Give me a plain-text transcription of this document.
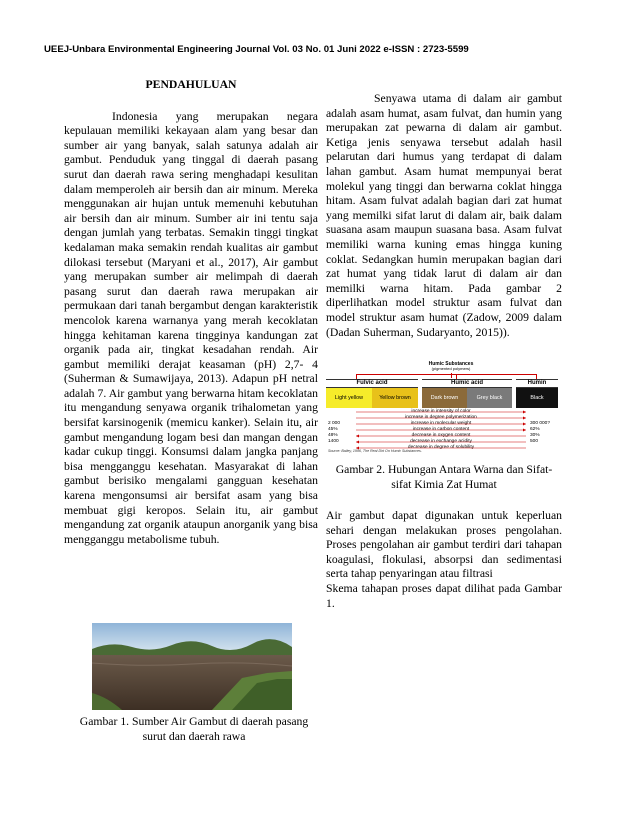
UEEJ-Unbara Environmental Engineering Journal Vol. 03 No. 01 Juni 2022 e-ISSN : 2723-5599

PENDAHULUAN

Indonesia yang merupakan negara kepulauan memiliki kekayaan alam yang besar dan sumber air yang banyak, salah satunya adalah air gambut. Penduduk yang tinggal di daerah pasang surut dan daerah rawa sering menghadapi kesulitan dalam memperoleh air bersih dan air minum. Mereka menggunakan air hujan untuk memenuhi kebutuhan air bersih dan air minum. Sumber air ini tentu saja dengan jumlah yang terbatas. Semakin tinggi tingkat kedalaman maka semakin rendah kualitas air gambut dilokasi tersebut (Maryani et al., 2017), Air gambut yang merupakan sumber air melimpah di daerah pasang surut dan daerah rawa merupakan air permukaan dari tanah bergambut dengan karakteristik mencolok karena warnanya yang merah kecoklatan hingga kehitaman karena tingginya kandungan zat organik pada air, tingkat kesadahan rendah. Air gambut memiliki derajat keasaman (pH) 2,7- 4 (Suherman & Sumawijaya, 2013). Adapun pH netral adalah 7. Air gambut yang berwarna hitam kecoklatan itu mengandung senyawa organik trihalometan yang bersifat karsinogenik (memicu kanker). Selain itu, air gambut mengandung logam besi dan mangan dengan kadar cukup tinggi. Konsumsi dalam jangka panjang bisa mengganggu kesehatan. Masyarakat di lahan gambut berisiko mengalami gangguan kesehatan karena mengonsumsi air bersifat asam yang bisa membuat gigi keropos. Selain itu, air gambut mengandung zat organik ataupun anorganik yang bisa mengganggu metabolisme tubuh.

Gambar 1. Sumber Air Gambut di daerah pasang surut dan daerah rawa

Senyawa utama di dalam air gambut adalah asam humat, asam fulvat, dan humin yang merupakan zat pewarna di dalam air gambut. Ketiga jenis senyawa tersebut adalah hasil pelarutan dari humus yang terdapat di dalam lahan gambut. Asam humat mempunyai berat molekul yang tinggi dan berwarna coklat hingga hitam. Asam fulvat adalah bagian dari zat humat yang memilki sifat larut di dalam air, baik dalam suasana asam maupun suasana basa. Asam fulvat memiliki warna kuning emas hingga kuning coklat. Sedangkan humin merupakan bagian dari zat humat yang tidak larut di dalam air dan memilki warna hitam. Pada gambar 2 diperlihatkan model struktur asam fulvat dan model struktur asam humat (Zadow, 2009 dalam (Dadan Suherman, Sudaryanto, 2015)).

Humic Substances
(pigmented polymers)
Fulvic acid	Humic acid	Humin
Light yellow	Yellow brown	Dark brown	Grey black	Black
increase in intensity of color
increase in degree polymerization
2 000	increase in molecular weight	300 000?
45%	increase in carbon content	62%
48%	decrease in oxygen content	30%
1400	decrease in exchange acidity	500
decrease in degree of solubility
Source: Bailey, 1996, The Real Dirt On Humic Substances.

Gambar 2. Hubungan Antara Warna dan Sifat-sifat Kimia Zat Humat

Air gambut dapat digunakan untuk keperluan sehari dengan melakukan proses pengolahan. Proses pengolahan air gambut terdiri dari tahapan koagulasi, flokulasi, absorpsi dan sedimentasi serta tahap penyaringan atau filtrasi

Skema tahapan proses dapat dilihat pada Gambar 1.
